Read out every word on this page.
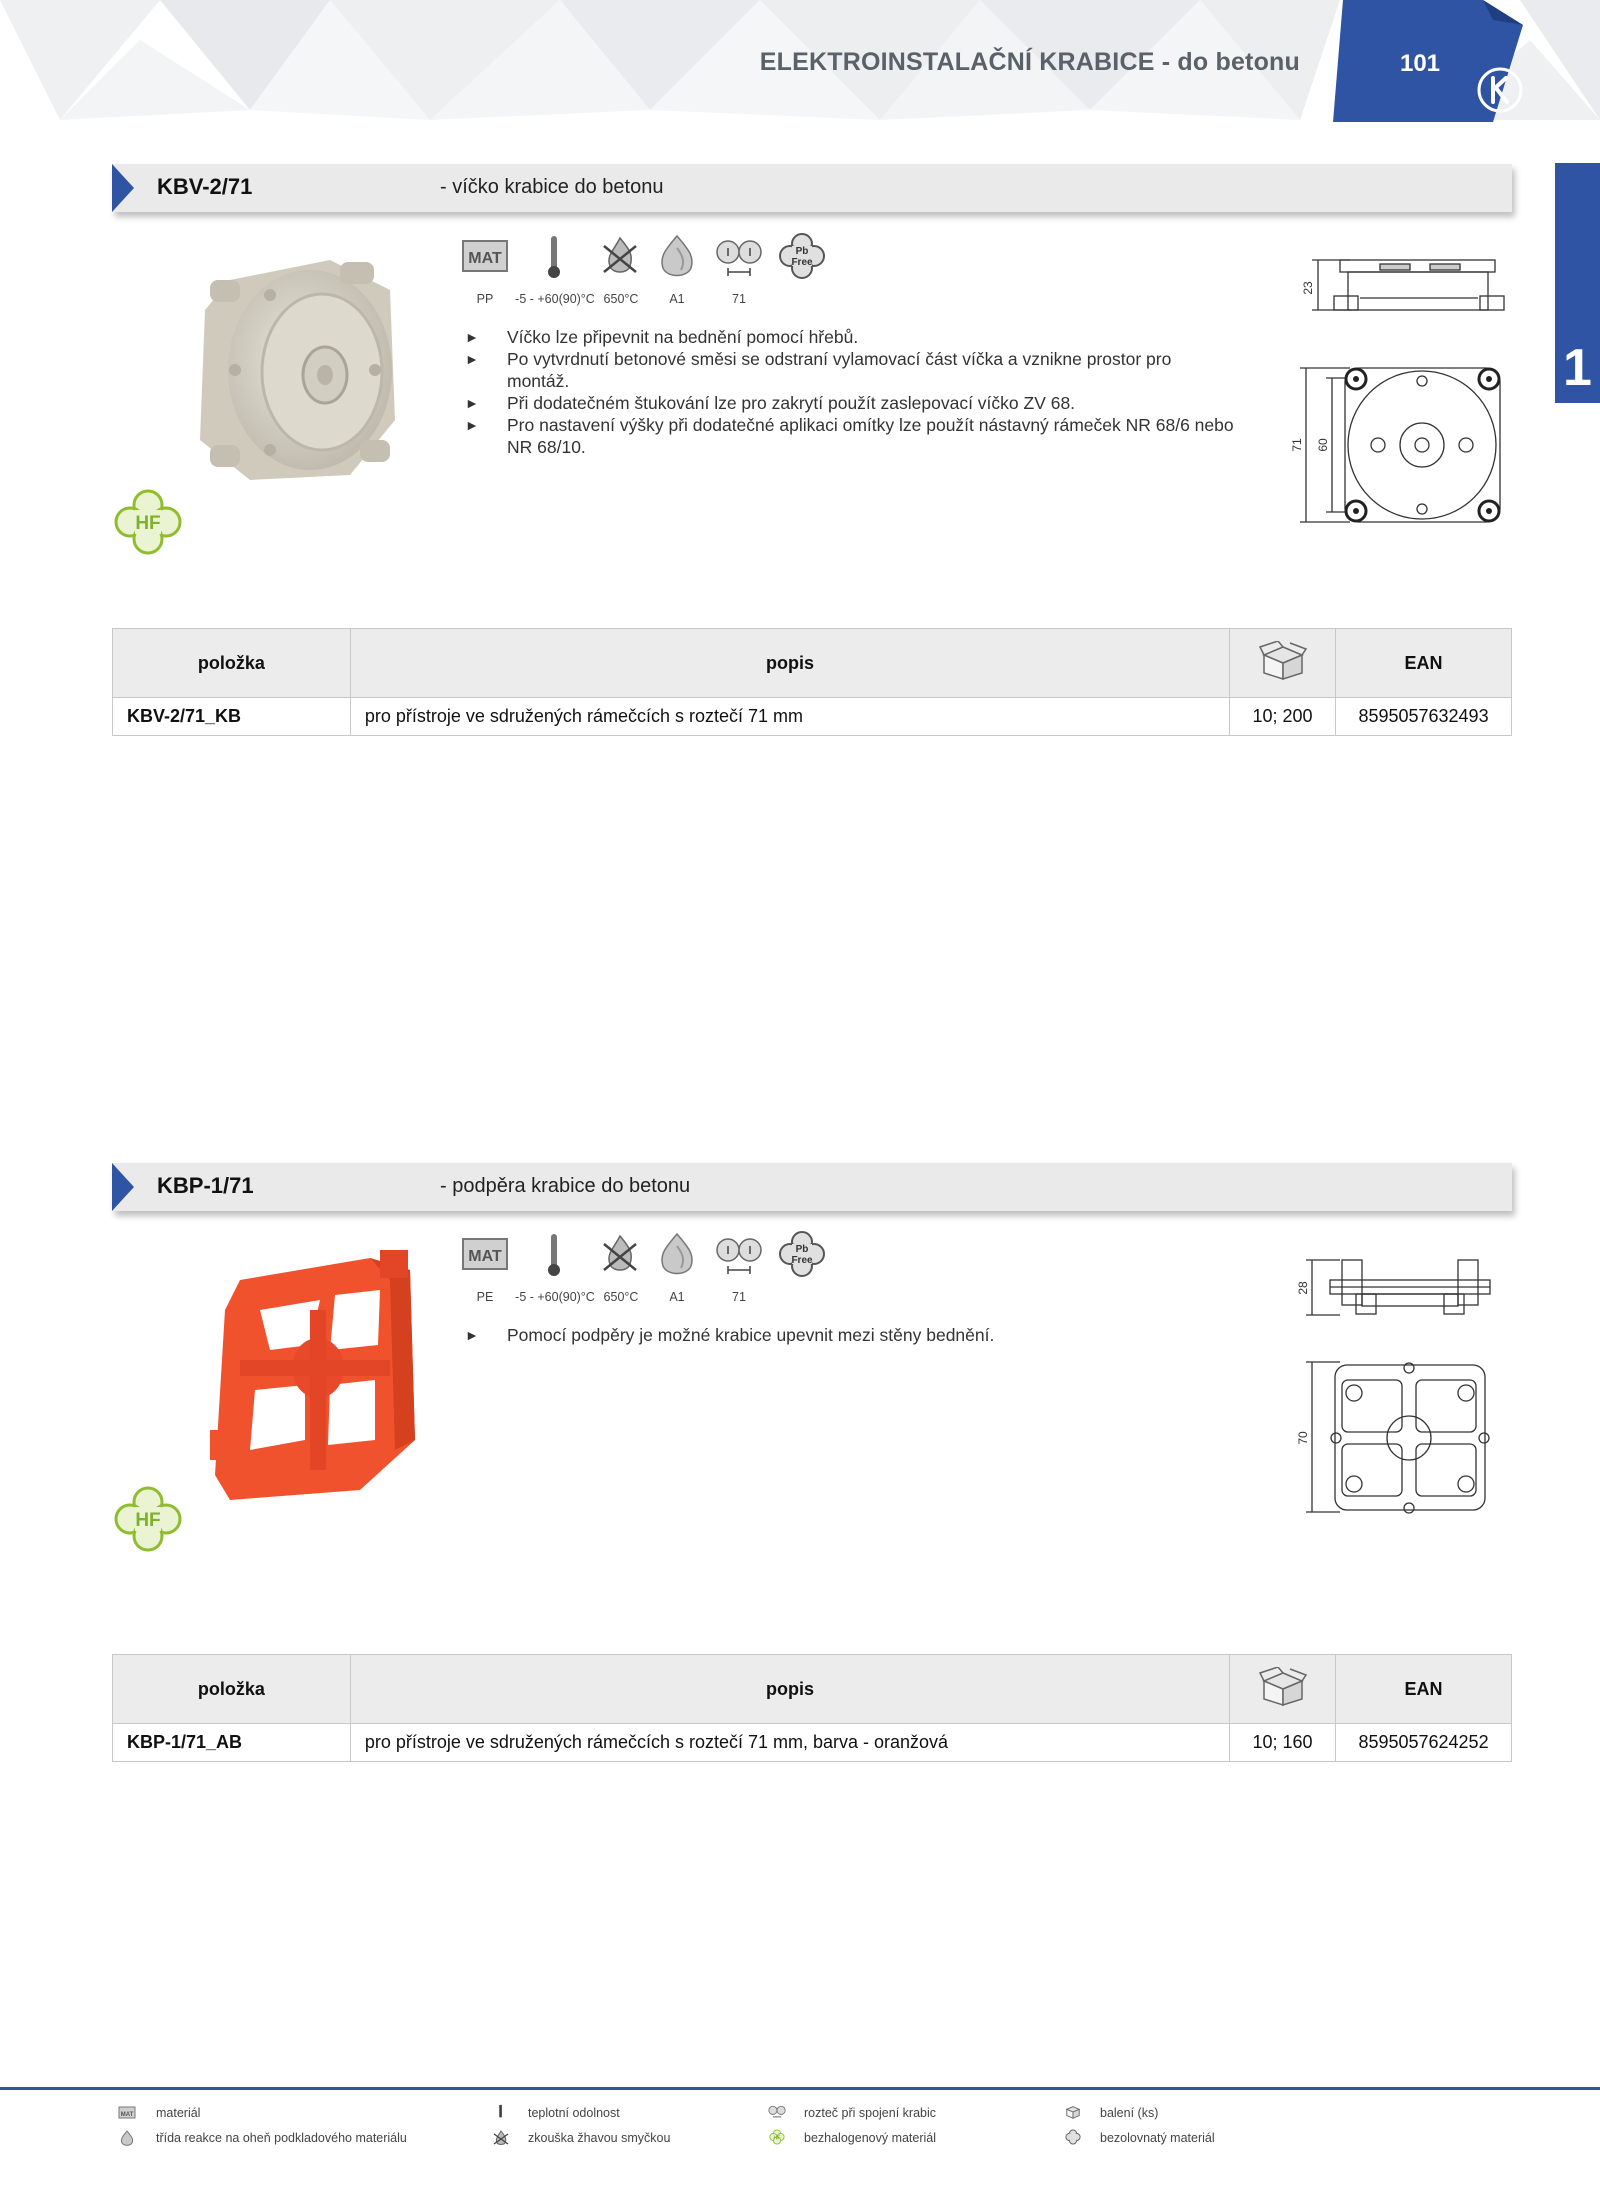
ELEKTROINSTALAČNÍ KRABICE - do betonu	101
1
KBV-2/71	- víčko krabice do betonu
HF
MAT	Pb
Free
PP	-5 - +60(90)°C 650°C	A1	71
►	Víčko lze připevnit na bednění pomocí hřebů.
►	Po vytvrdnutí betonové směsi se odstraní vylamovací část víčka a vznikne prostor pro montáž.
►	Při dodatečném štukování lze pro zakrytí použít zaslepovací víčko ZV 68.
►	Pro nastavení výšky při dodatečné aplikaci omítky lze použít nástavný rámeček NR 68/6 nebo NR 68/10.
23
71 60
položka	popis		EAN
KBV-2/71_KB	pro přístroje ve sdružených rámečcích s roztečí 71 mm	10; 200	8595057632493
KBP-1/71	- podpěra krabice do betonu
HF
MAT	Pb
Free
PE	-5 - +60(90)°C 650°C	A1	71
►	Pomocí podpěry je možné krabice upevnit mezi stěny bednění.
28
70
položka	popis		EAN
KBP-1/71_AB	pro přístroje ve sdružených rámečcích s roztečí 71 mm, barva - oranžová	10; 160	8595057624252
MAT materiál
třída reakce na oheň podkladového materiálu
teplotní odolnost
zkouška žhavou smyčkou
rozteč při spojení krabic
HF bezhalogenový materiál
balení (ks)
bezolovnatý materiál
